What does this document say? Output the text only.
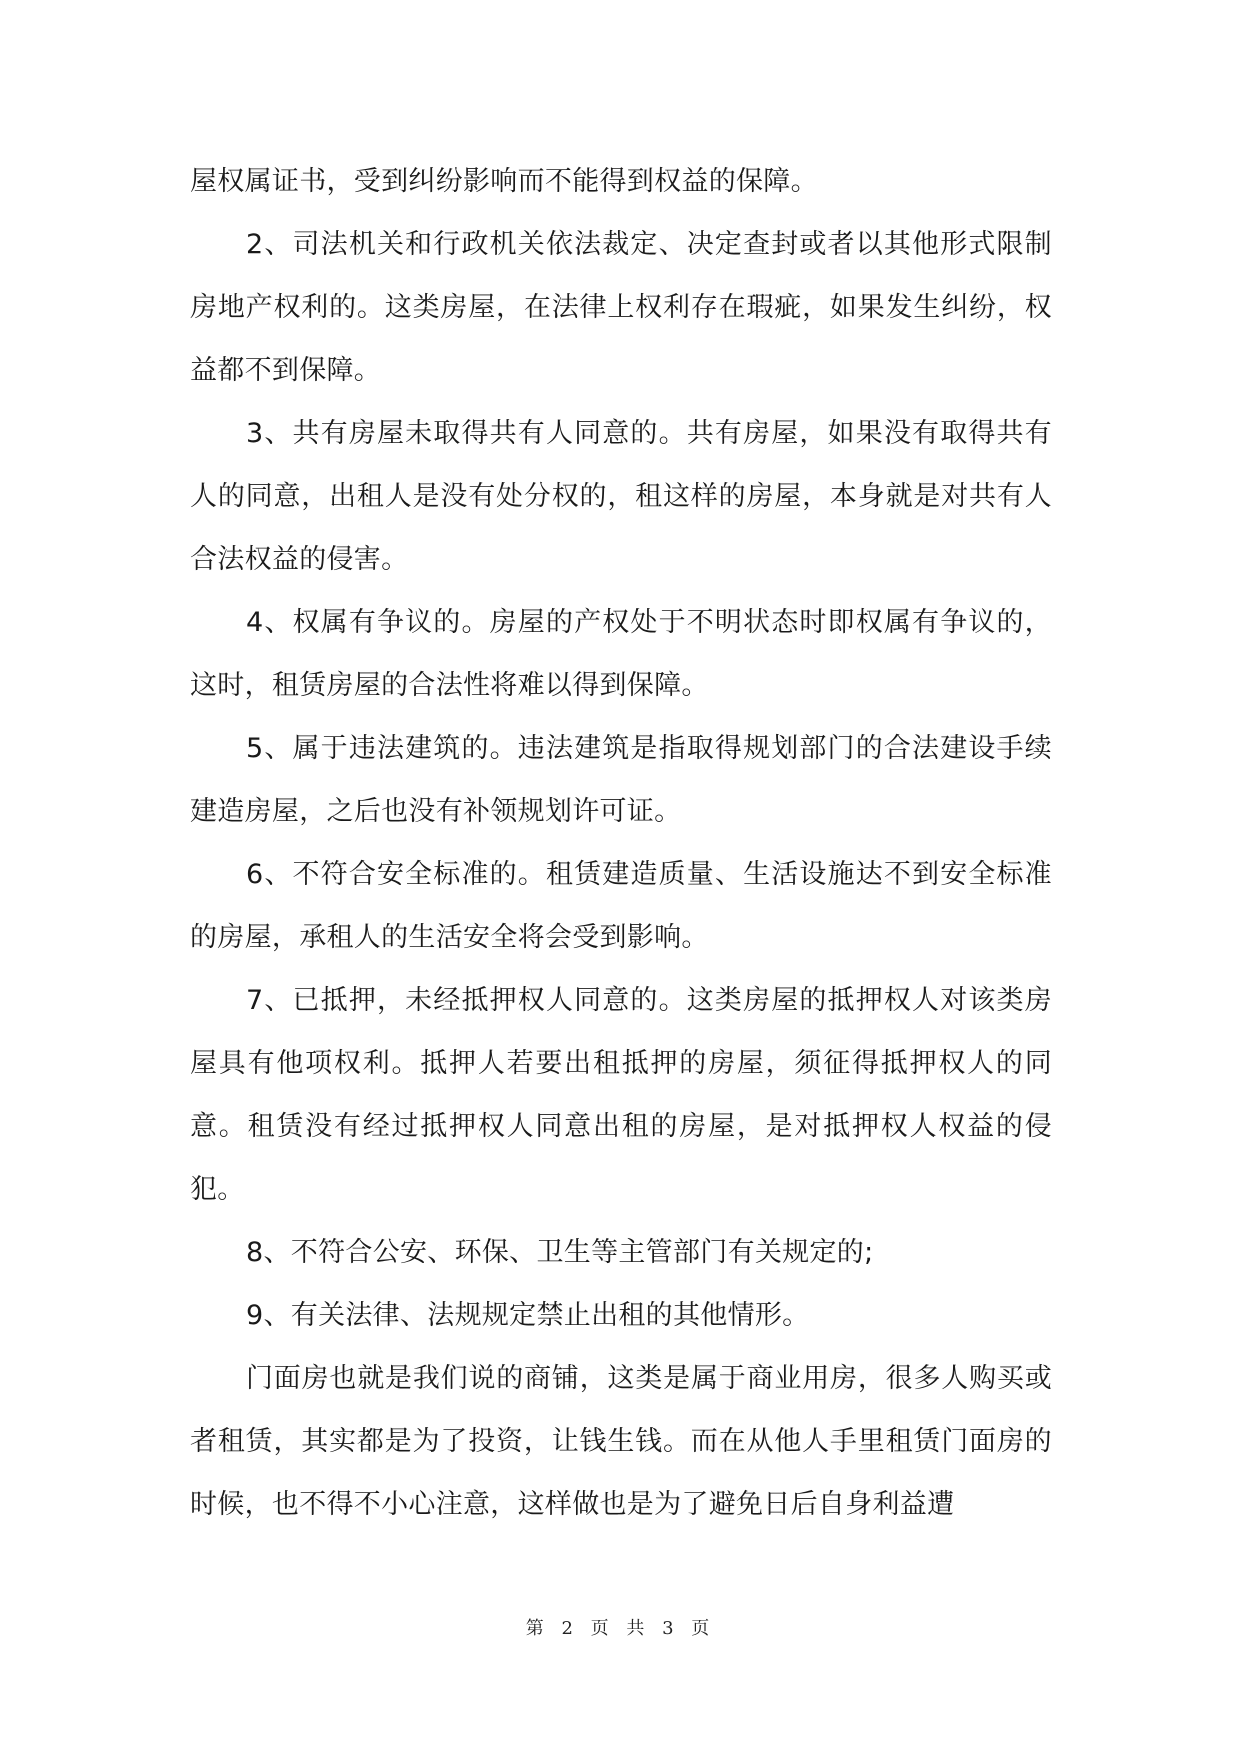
屋权属证书，受到纠纷影响而不能得到权益的保障。

2、司法机关和行政机关依法裁定、决定查封或者以其他形式限制房地产权利的。这类房屋，在法律上权利存在瑕疵，如果发生纠纷，权益都不到保障。

3、共有房屋未取得共有人同意的。共有房屋，如果没有取得共有人的同意，出租人是没有处分权的，租这样的房屋，本身就是对共有人合法权益的侵害。

4、权属有争议的。房屋的产权处于不明状态时即权属有争议的，这时，租赁房屋的合法性将难以得到保障。

5、属于违法建筑的。违法建筑是指取得规划部门的合法建设手续建造房屋，之后也没有补领规划许可证。

6、不符合安全标准的。租赁建造质量、生活设施达不到安全标准的房屋，承租人的生活安全将会受到影响。

7、已抵押，未经抵押权人同意的。这类房屋的抵押权人对该类房屋具有他项权利。抵押人若要出租抵押的房屋，须征得抵押权人的同意。租赁没有经过抵押权人同意出租的房屋，是对抵押权人权益的侵犯。

8、不符合公安、环保、卫生等主管部门有关规定的;

9、有关法律、法规规定禁止出租的其他情形。

门面房也就是我们说的商铺，这类是属于商业用房，很多人购买或者租赁，其实都是为了投资，让钱生钱。而在从他人手里租赁门面房的时候，也不得不小心注意，这样做也是为了避免日后自身利益遭

第 2 页 共 3 页
